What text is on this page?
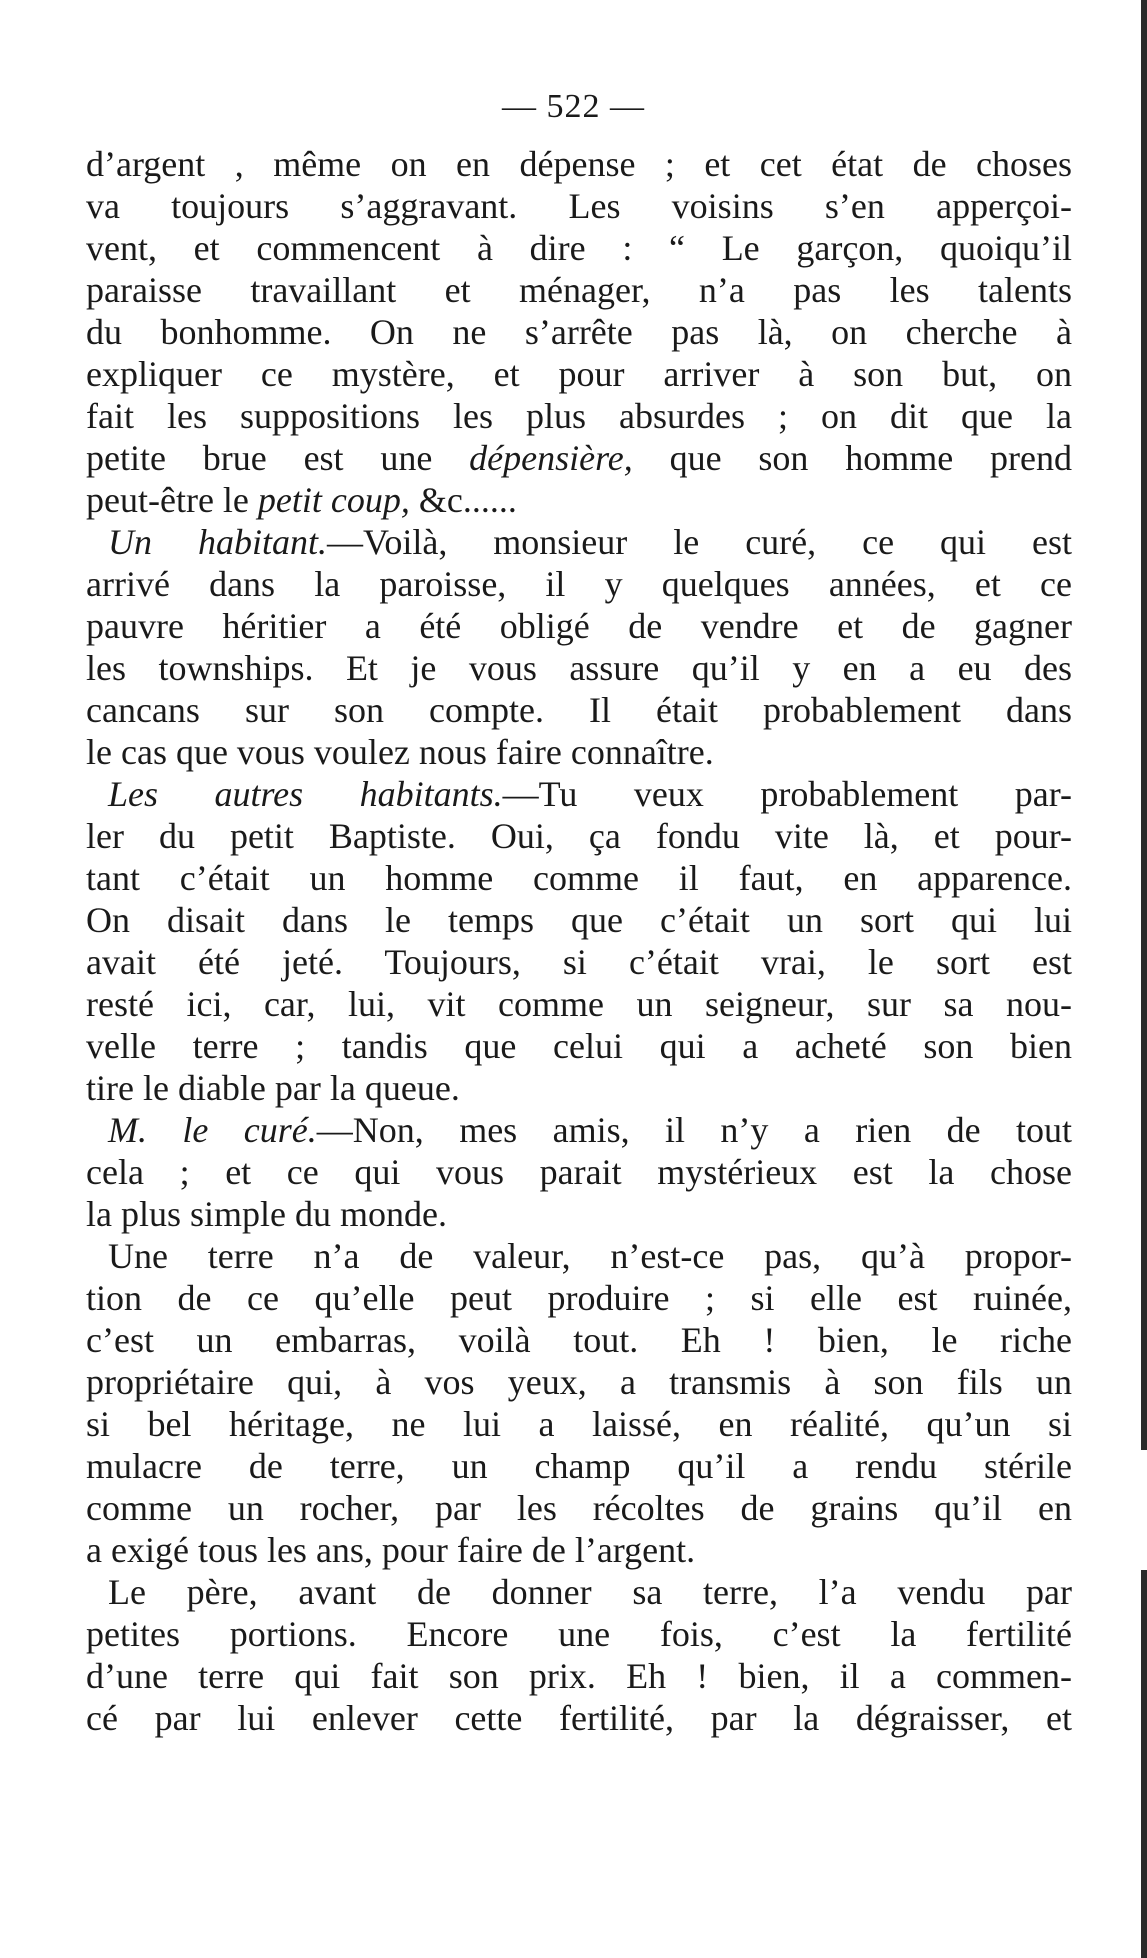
— 522 —
d’argent , même on en dépense ; et cet état de choses
va toujours s’aggravant. Les voisins s’en apperçoi-
vent, et commencent à dire : “ Le garçon, quoiqu’il
paraisse travaillant et ménager, n’a pas les talents
du bonhomme. On ne s’arrête pas là, on cherche à
expliquer ce mystère, et pour arriver à son but, on
fait les suppositions les plus absurdes ; on dit que la
petite brue est une dépensière, que son homme prend
peut-être le petit coup, &c......
Un habitant.—Voilà, monsieur le curé, ce qui est
arrivé dans la paroisse, il y quelques années, et ce
pauvre héritier a été obligé de vendre et de gagner
les townships. Et je vous assure qu’il y en a eu des
cancans sur son compte. Il était probablement dans
le cas que vous voulez nous faire connaître.
Les autres habitants.—Tu veux probablement par-
ler du petit Baptiste. Oui, ça fondu vite là, et pour-
tant c’était un homme comme il faut, en apparence.
On disait dans le temps que c’était un sort qui lui
avait été jeté. Toujours, si c’était vrai, le sort est
resté ici, car, lui, vit comme un seigneur, sur sa nou-
velle terre ; tandis que celui qui a acheté son bien
tire le diable par la queue.
M. le curé.—Non, mes amis, il n’y a rien de tout
cela ; et ce qui vous parait mystérieux est la chose
la plus simple du monde.
Une terre n’a de valeur, n’est-ce pas, qu’à propor-
tion de ce qu’elle peut produire ; si elle est ruinée,
c’est un embarras, voilà tout. Eh ! bien, le riche
propriétaire qui, à vos yeux, a transmis à son fils un
si bel héritage, ne lui a laissé, en réalité, qu’un si
mulacre de terre, un champ qu’il a rendu stérile
comme un rocher, par les récoltes de grains qu’il en
a exigé tous les ans, pour faire de l’argent.
Le père, avant de donner sa terre, l’a vendu par
petites portions. Encore une fois, c’est la fertilité
d’une terre qui fait son prix. Eh ! bien, il a commen-
cé par lui enlever cette fertilité, par la dégraisser, et
